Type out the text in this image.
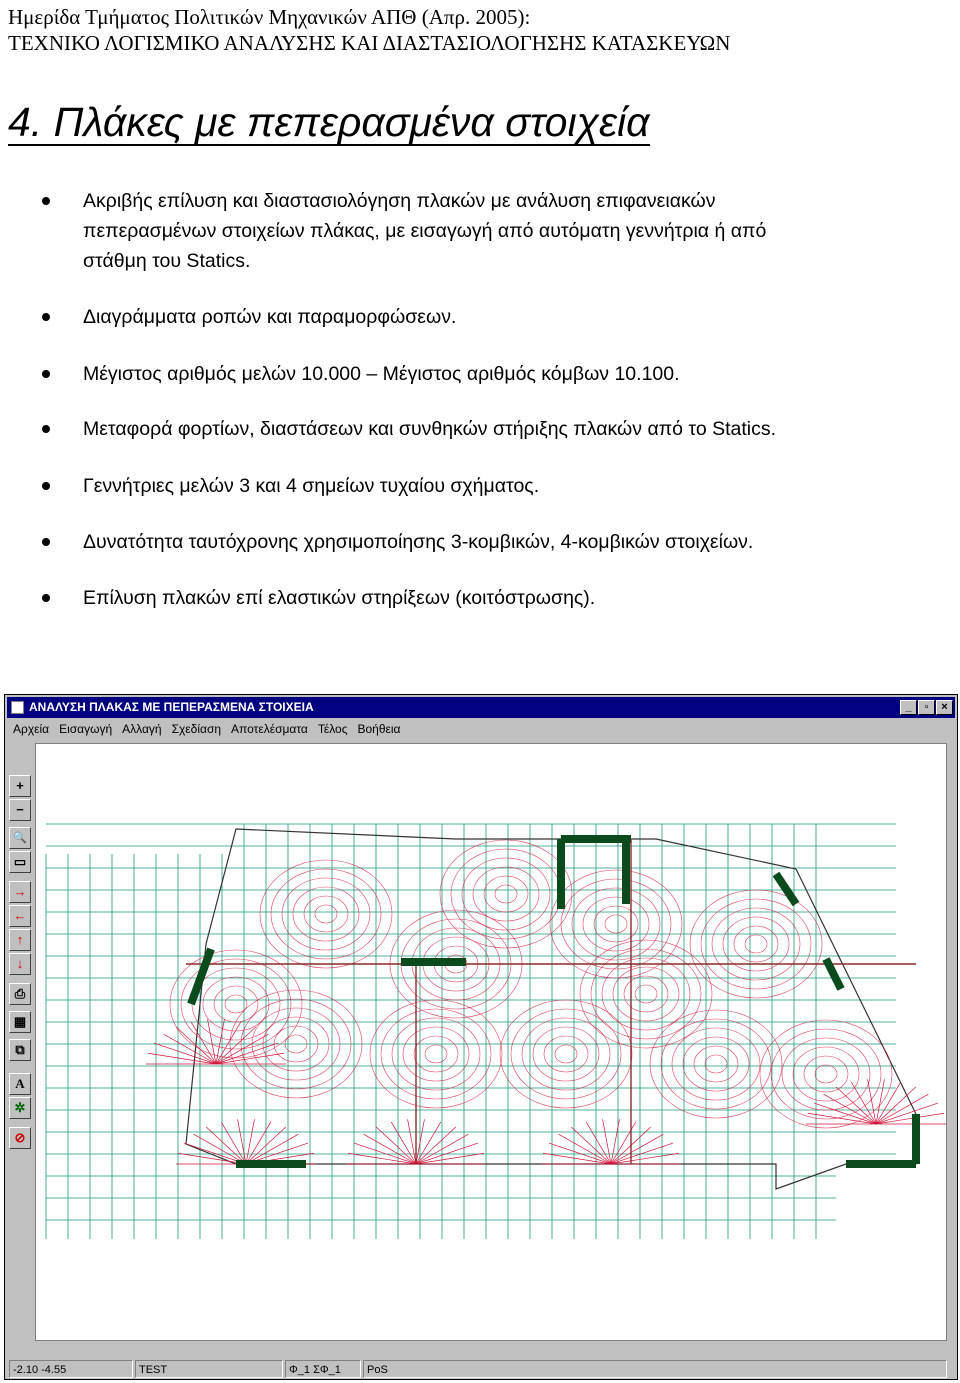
Ημερίδα Τμήματος Πολιτικών Μηχανικών ΑΠΘ (Απρ. 2005):
ΤΕΧΝΙΚΟ ΛΟΓΙΣΜΙΚΟ ΑΝΑΛΥΣΗΣ ΚΑΙ ΔΙΑΣΤΑΣΙΟΛΟΓΗΣΗΣ ΚΑΤΑΣΚΕΥΩΝ
4. Πλάκες με πεπερασμένα στοιχεία
Ακριβής επίλυση και διαστασιολόγηση πλακών με ανάλυση επιφανειακών
πεπερασμένων στοιχείων πλάκας, με εισαγωγή από αυτόματη γεννήτρια ή από
στάθμη του Statics.
Διαγράμματα ροπών και παραμορφώσεων.
Μέγιστος αριθμός μελών 10.000 – Μέγιστος αριθμός κόμβων 10.100.
Μεταφορά φορτίων, διαστάσεων και συνθηκών στήριξης πλακών από το Statics.
Γεννήτριες μελών 3 και 4 σημείων τυχαίου σχήματος.
Δυνατότητα ταυτόχρονης χρησιμοποίησης 3-κομβικών, 4-κομβικών στοιχείων.
Επίλυση πλακών επί ελαστικών στηρίξεων (κοιτόστρωσης).
ΑΝΑΛΥΣΗ ΠΛΑΚΑΣ ΜΕ ΠΕΠΕΡΑΣΜΕΝΑ ΣΤΟΙΧΕΙΑ	_	▫	×
Αρχεία Εισαγωγή Αλλαγή Σχεδίαση Αποτελέσματα Τέλος Βοήθεια
+
−
🔍
▭
→
←
↑
↓
⎙
▦
⧉
A
✲
⊘
-2.10 -4.55	TEST	Φ_1 ΣΦ_1	PoS
